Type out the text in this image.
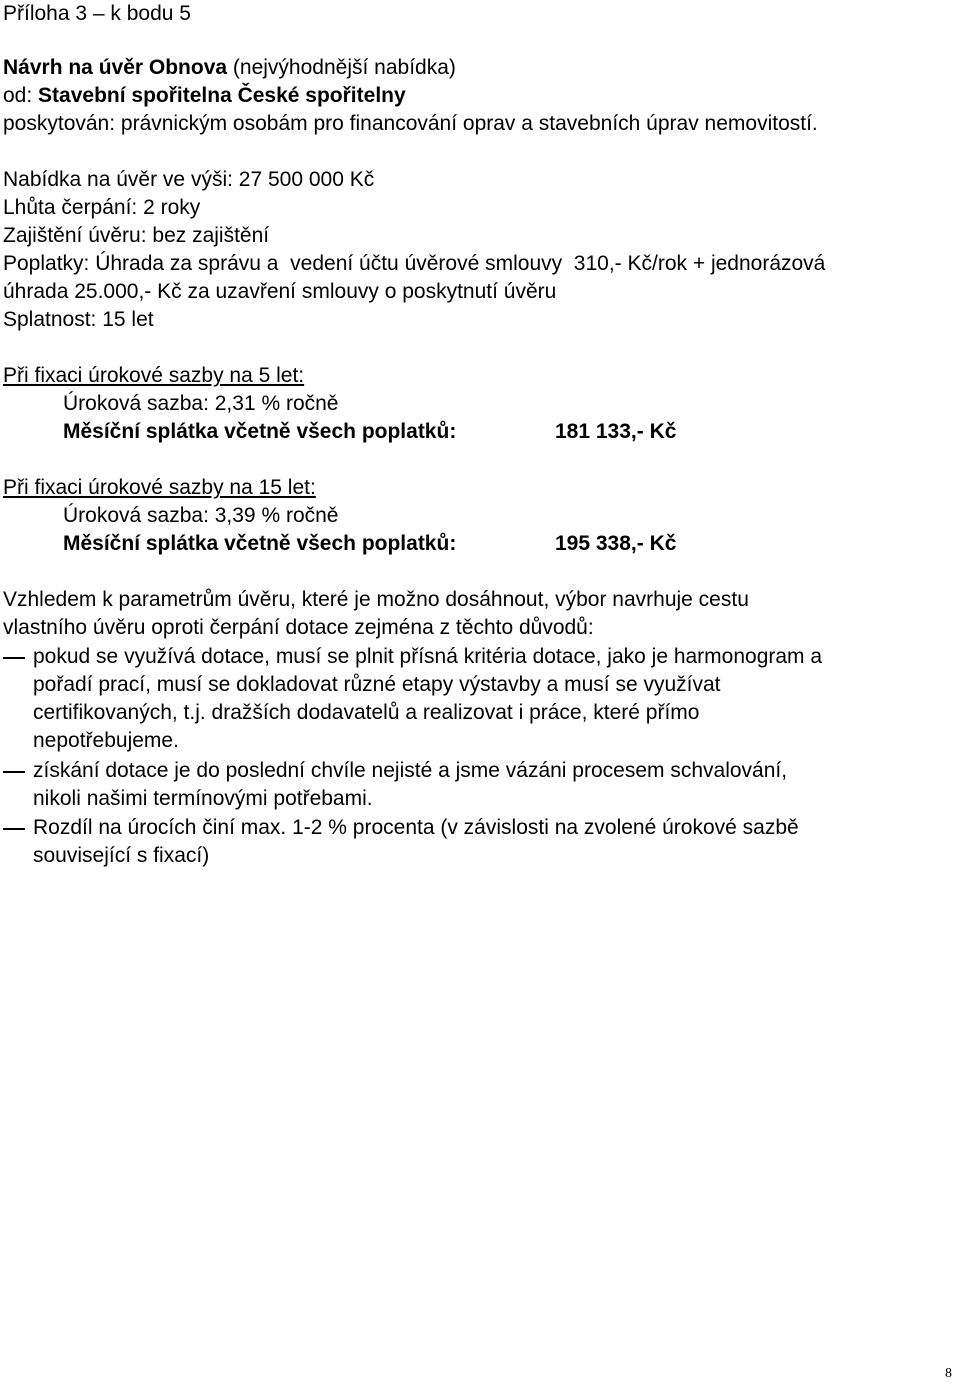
Příloha 3 – k bodu 5
Návrh na úvěr Obnova (nejvýhodnější nabídka)
od: Stavební spořitelna České spořitelny
poskytován: právnickým osobám pro financování oprav a stavebních úprav nemovitostí.
Nabídka na úvěr ve výši: 27 500 000 Kč
Lhůta čerpání: 2 roky
Zajištění úvěru: bez zajištění
Poplatky: Úhrada za správu a  vedení účtu úvěrové smlouvy  310,- Kč/rok + jednorázová
úhrada 25.000,- Kč za uzavření smlouvy o poskytnutí úvěru
Splatnost: 15 let
Při fixaci úrokové sazby na 5 let:
Úroková sazba: 2,31 % ročně
Měsíční splátka včetně všech poplatků:	181 133,- Kč
Při fixaci úrokové sazby na 15 let:
Úroková sazba: 3,39 % ročně
Měsíční splátka včetně všech poplatků:	195 338,- Kč
Vzhledem k parametrům úvěru, které je možno dosáhnout, výbor navrhuje cestu
vlastního úvěru oproti čerpání dotace zejména z těchto důvodů:
pokud se využívá dotace, musí se plnit přísná kritéria dotace, jako je harmonogram a
pořadí prací, musí se dokladovat různé etapy výstavby a musí se využívat
certifikovaných, t.j. dražších dodavatelů a realizovat i práce, které přímo
nepotřebujeme.
získání dotace je do poslední chvíle nejisté a jsme vázáni procesem schvalování,
nikoli našimi termínovými potřebami.
Rozdíl na úrocích činí max. 1-2 % procenta (v závislosti na zvolené úrokové sazbě
související s fixací)
8
